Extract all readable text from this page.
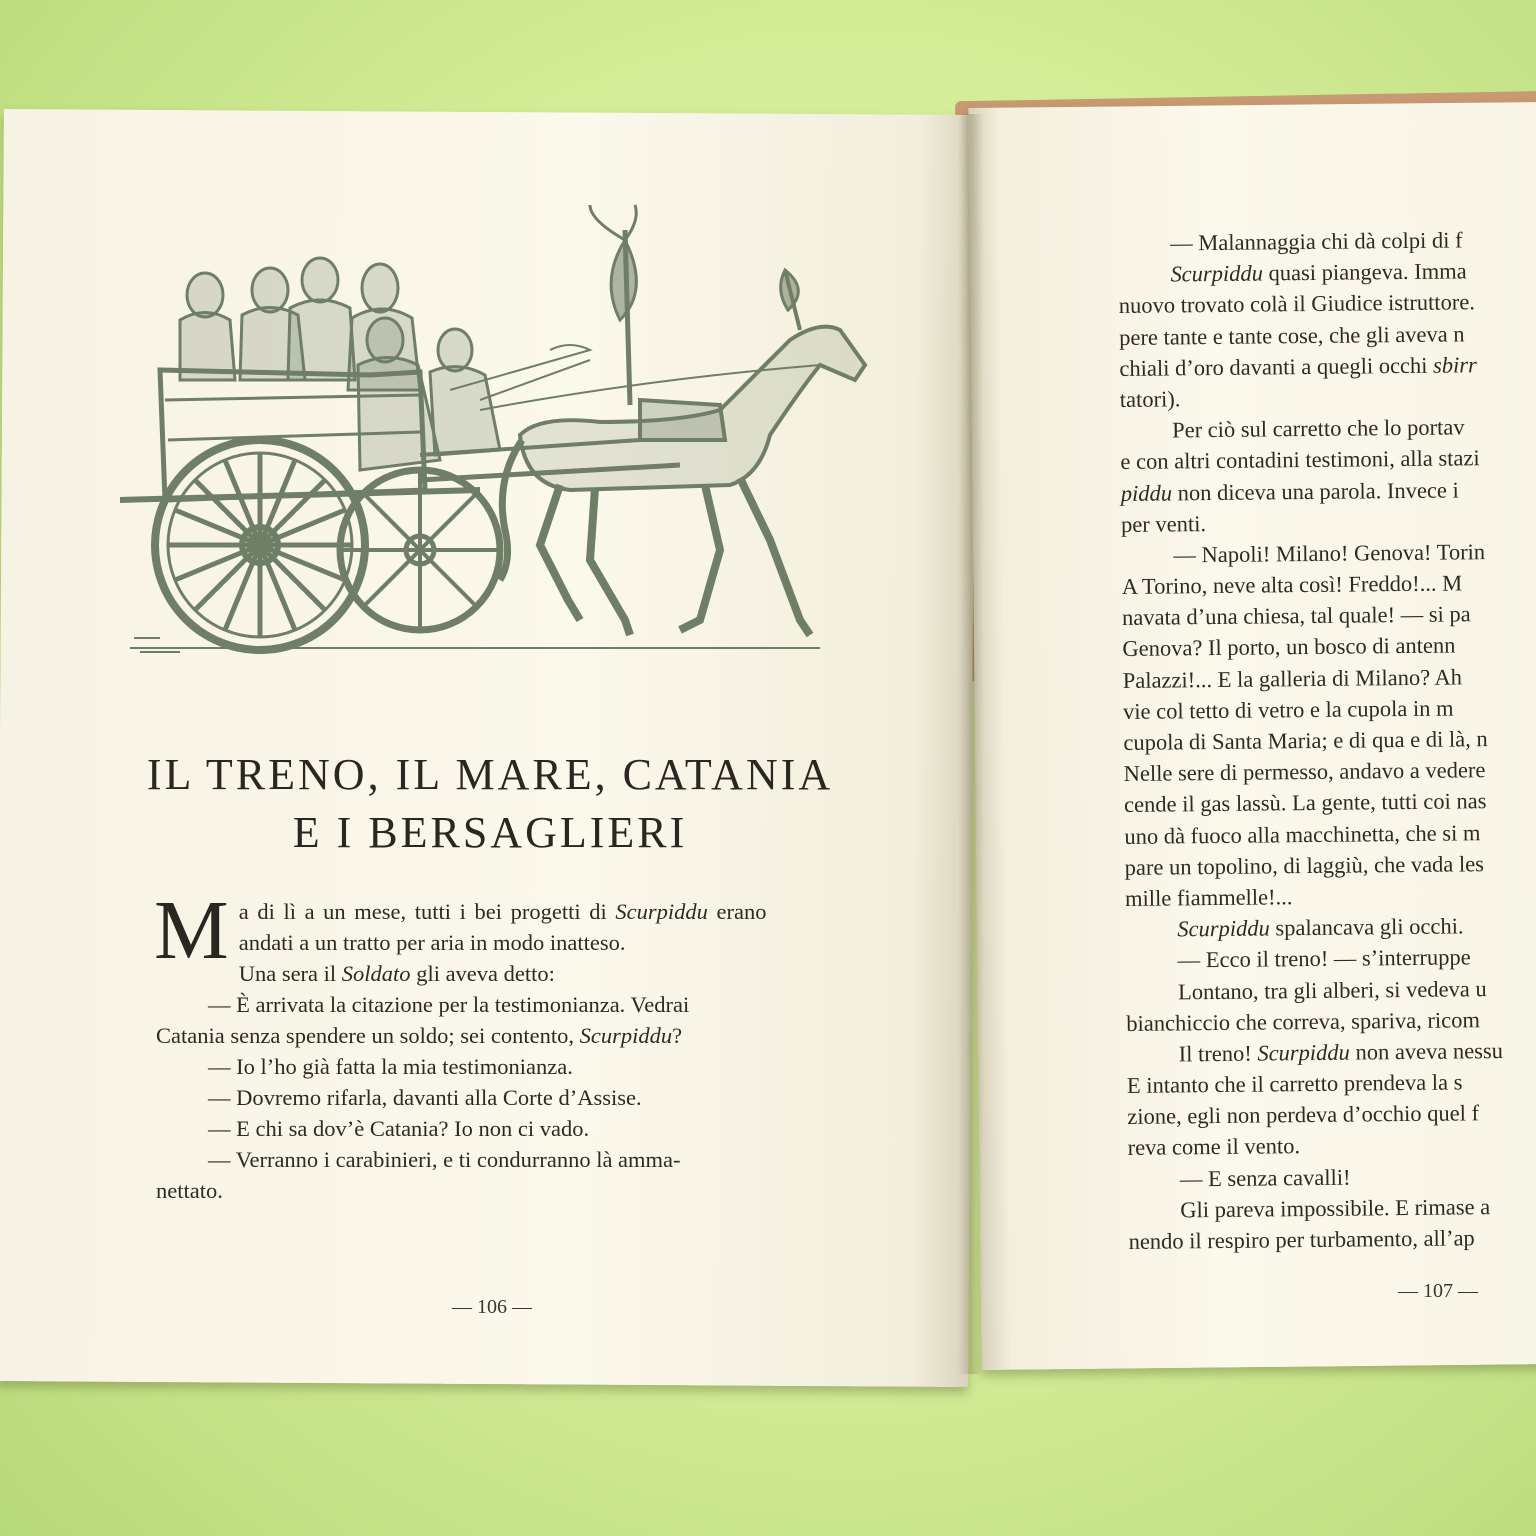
IL TRENO, IL MARE, CATANIA
E I BERSAGLIERI
M a di lì a un mese, tutti i bei progetti di Scurpiddu erano
andati a un tratto per aria in modo inatteso.
Una sera il Soldato gli aveva detto:
— È arrivata la citazione per la testimonianza. Vedrai
Catania senza spendere un soldo; sei contento, Scurpiddu?
— Io l’ho già fatta la mia testimonianza.
— Dovremo rifarla, davanti alla Corte d’Assise.
— E chi sa dov’è Catania? Io non ci vado.
— Verranno i carabinieri, e ti condurranno là amma-
nettato.
— 106 —
— Malannaggia chi dà colpi di f
Scurpiddu quasi piangeva. Imma
nuovo trovato colà il Giudice istruttore.
pere tante e tante cose, che gli aveva n
chiali d’oro davanti a quegli occhi sbirr
tatori).
Per ciò sul carretto che lo portav
e con altri contadini testimoni, alla stazi
piddu non diceva una parola. Invece i
per venti.
— Napoli! Milano! Genova! Torin
A Torino, neve alta così! Freddo!... M
navata d’una chiesa, tal quale! — si pa
Genova? Il porto, un bosco di antenn
Palazzi!... E la galleria di Milano? Ah
vie col tetto di vetro e la cupola in m
cupola di Santa Maria; e di qua e di là, n
Nelle sere di permesso, andavo a vedere
cende il gas lassù. La gente, tutti coi nas
uno dà fuoco alla macchinetta, che si m
pare un topolino, di laggiù, che vada les
mille fiammelle!...
Scurpiddu spalancava gli occhi.
— Ecco il treno! — s’interruppe
Lontano, tra gli alberi, si vedeva u
bianchiccio che correva, spariva, ricom
Il treno! Scurpiddu non aveva nessu
E intanto che il carretto prendeva la s
zione, egli non perdeva d’occhio quel f
reva come il vento.
— E senza cavalli!
Gli pareva impossibile. E rimase a
nendo il respiro per turbamento, all’ap
— 107 —
